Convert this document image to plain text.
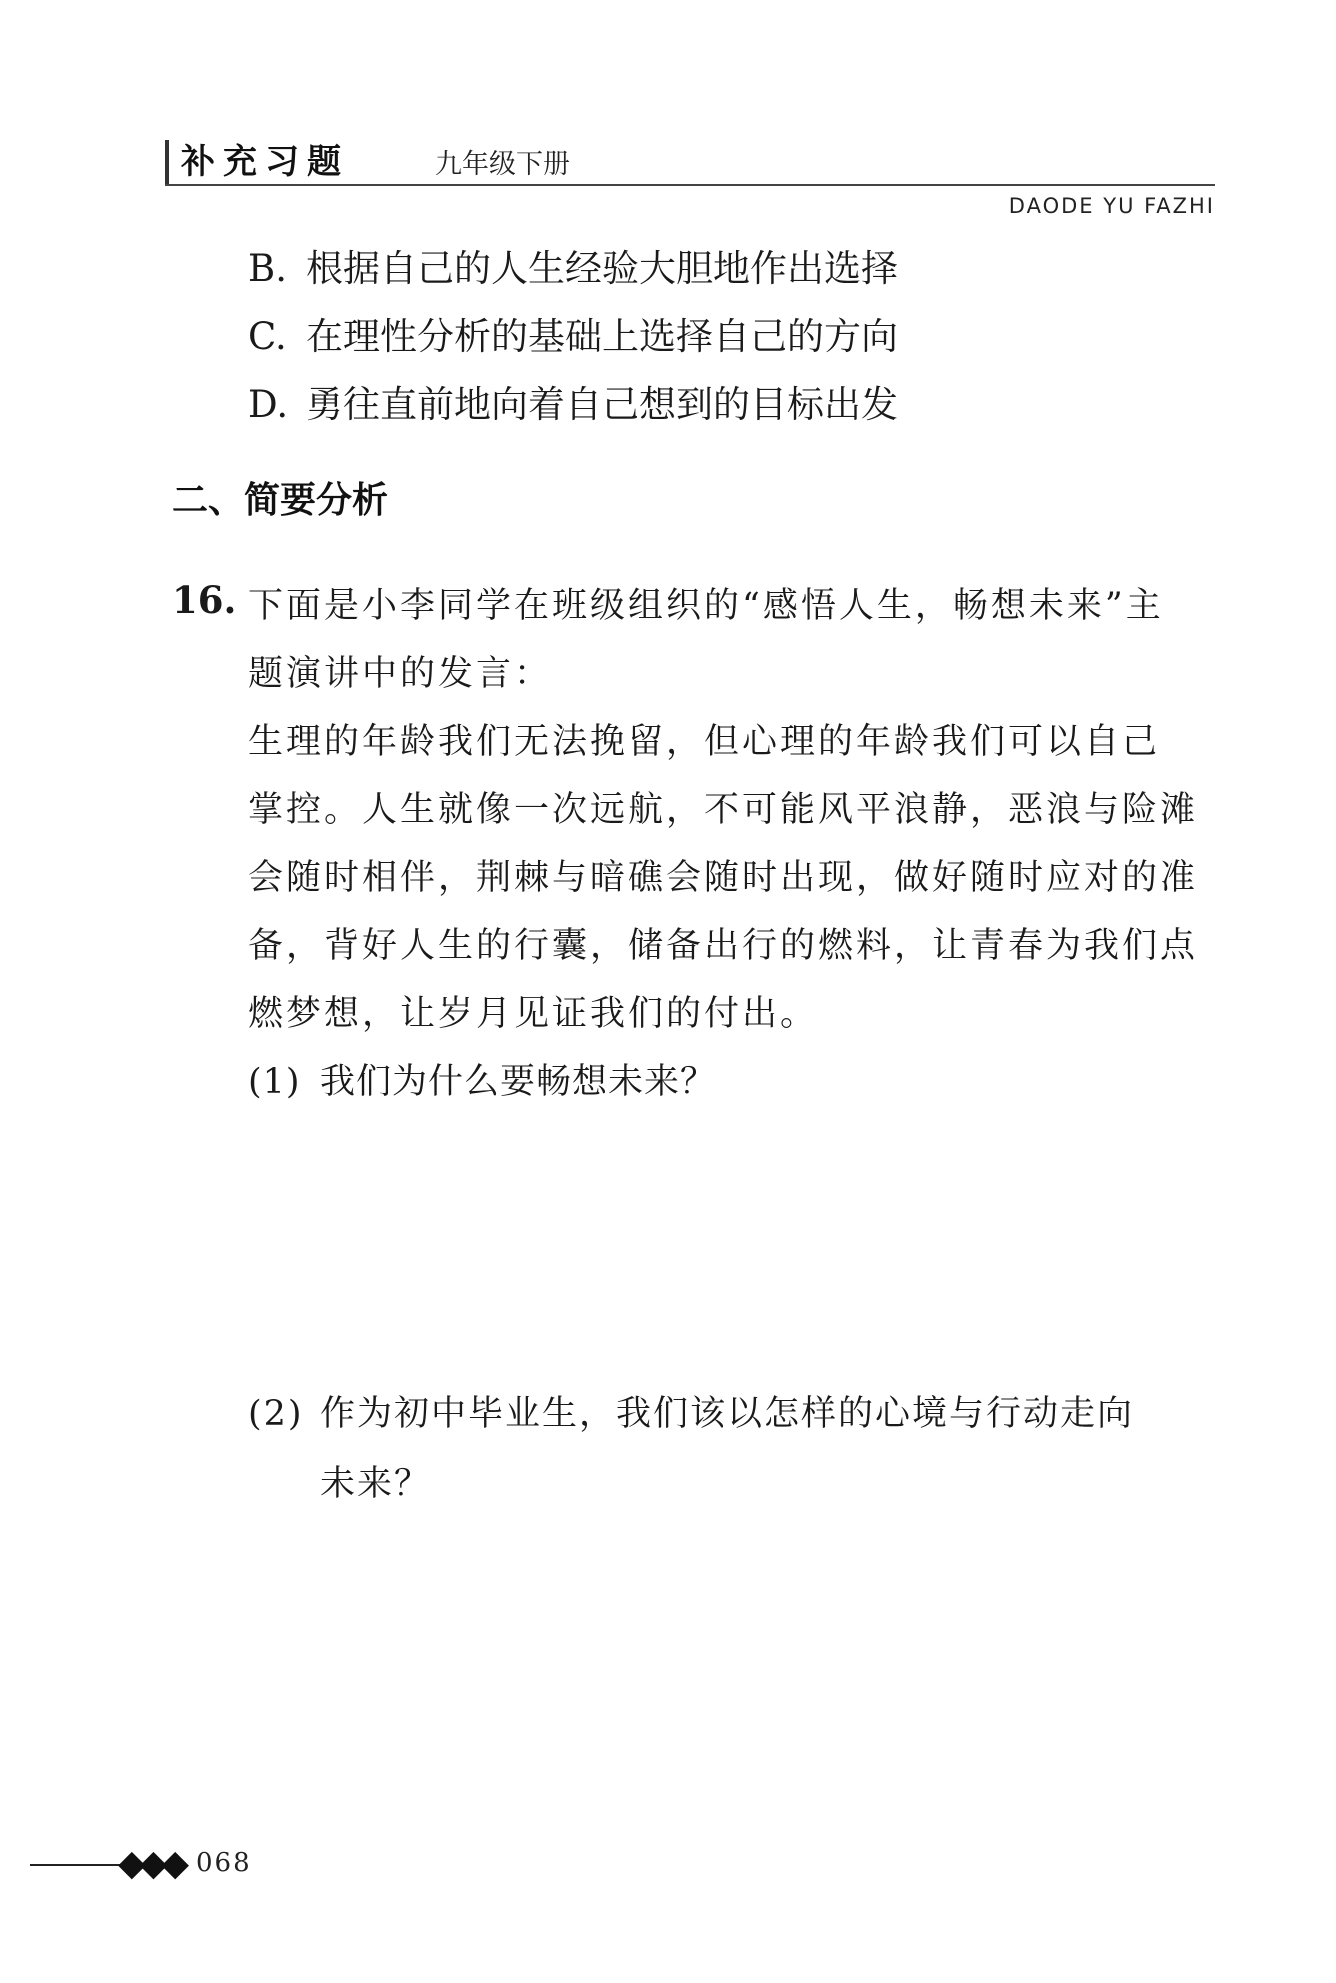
补充习题	九年级下册
DAODE YU FAZHI
B. 根据自己的人生经验大胆地作出选择
C. 在理性分析的基础上选择自己的方向
D. 勇往直前地向着自己想到的目标出发
二、简要分析
16. 下面是小李同学在班级组织的“感悟人生，畅想未来”主
题演讲中的发言：
生理的年龄我们无法挽留，但心理的年龄我们可以自己
掌控。人生就像一次远航，不可能风平浪静，恶浪与险滩
会随时相伴，荆棘与暗礁会随时出现，做好随时应对的准
备，背好人生的行囊，储备出行的燃料，让青春为我们点
燃梦想，让岁月见证我们的付出。
(1) 我们为什么要畅想未来？
(2) 作为初中毕业生，我们该以怎样的心境与行动走向
未来？
◆◆◆ 068
